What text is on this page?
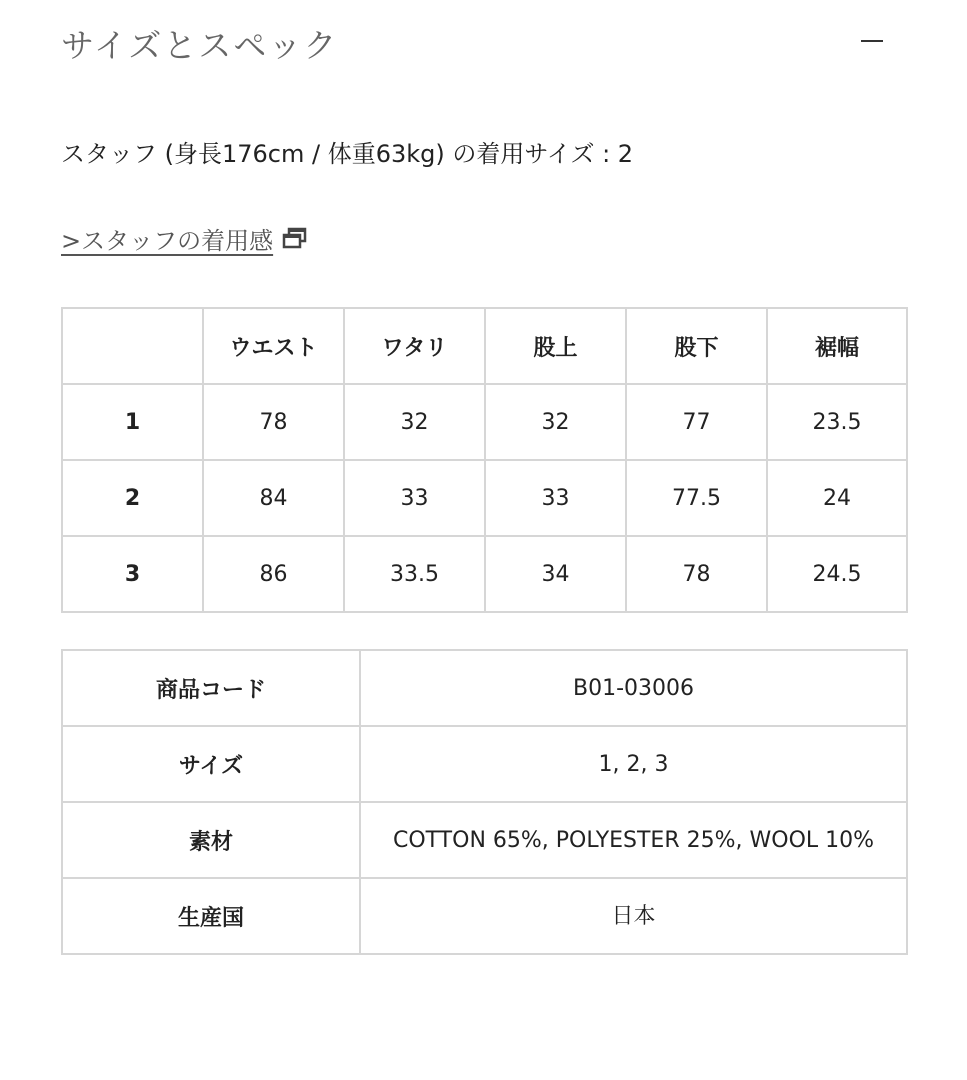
サイズとスペック
スタッフ (身長176cm / 体重63kg) の着用サイズ : 2
>スタッフの着用感
	ウエスト	ワタリ	股上	股下	裾幅
1	78	32	32	77	23.5
2	84	33	33	77.5	24
3	86	33.5	34	78	24.5
商品コード	B01-03006
サイズ	1, 2, 3
素材	COTTON 65%, POLYESTER 25%, WOOL 10%
生産国	日本
